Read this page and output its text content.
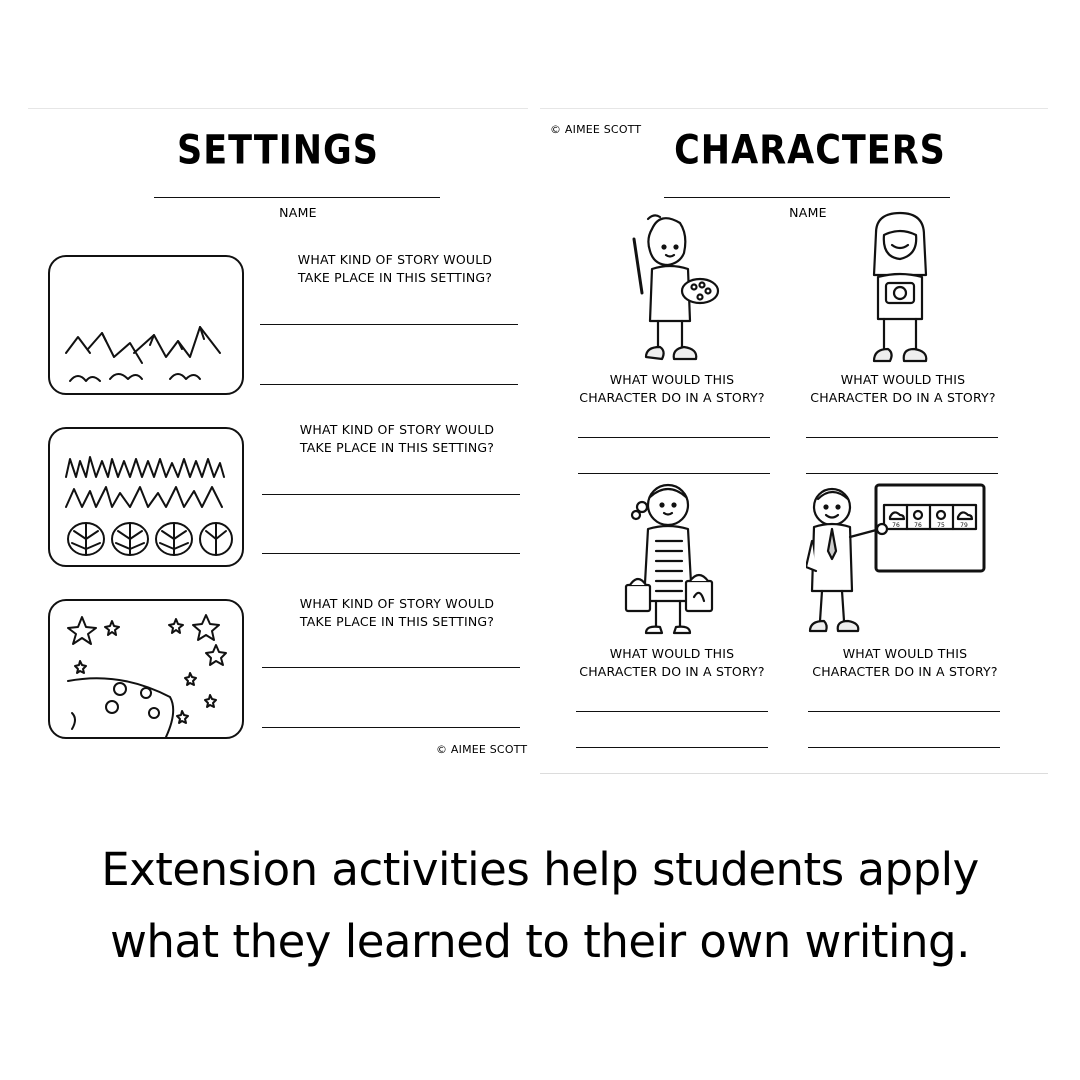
SETTINGS
NAME
WHAT KIND OF STORY WOULD
TAKE PLACE IN THIS SETTING?
WHAT KIND OF STORY WOULD
TAKE PLACE IN THIS SETTING?
WHAT KIND OF STORY WOULD
TAKE PLACE IN THIS SETTING?
© AIMEE SCOTT
© AIMEE SCOTT CHARACTERS
NAME
WHAT WOULD THIS
CHARACTER DO IN A STORY?
WHAT WOULD THIS
CHARACTER DO IN A STORY?
WHAT WOULD THIS
CHARACTER DO IN A STORY?
76 76	75	79
WHAT WOULD THIS
CHARACTER DO IN A STORY?
Extension activities help students apply
what they learned to their own writing.
